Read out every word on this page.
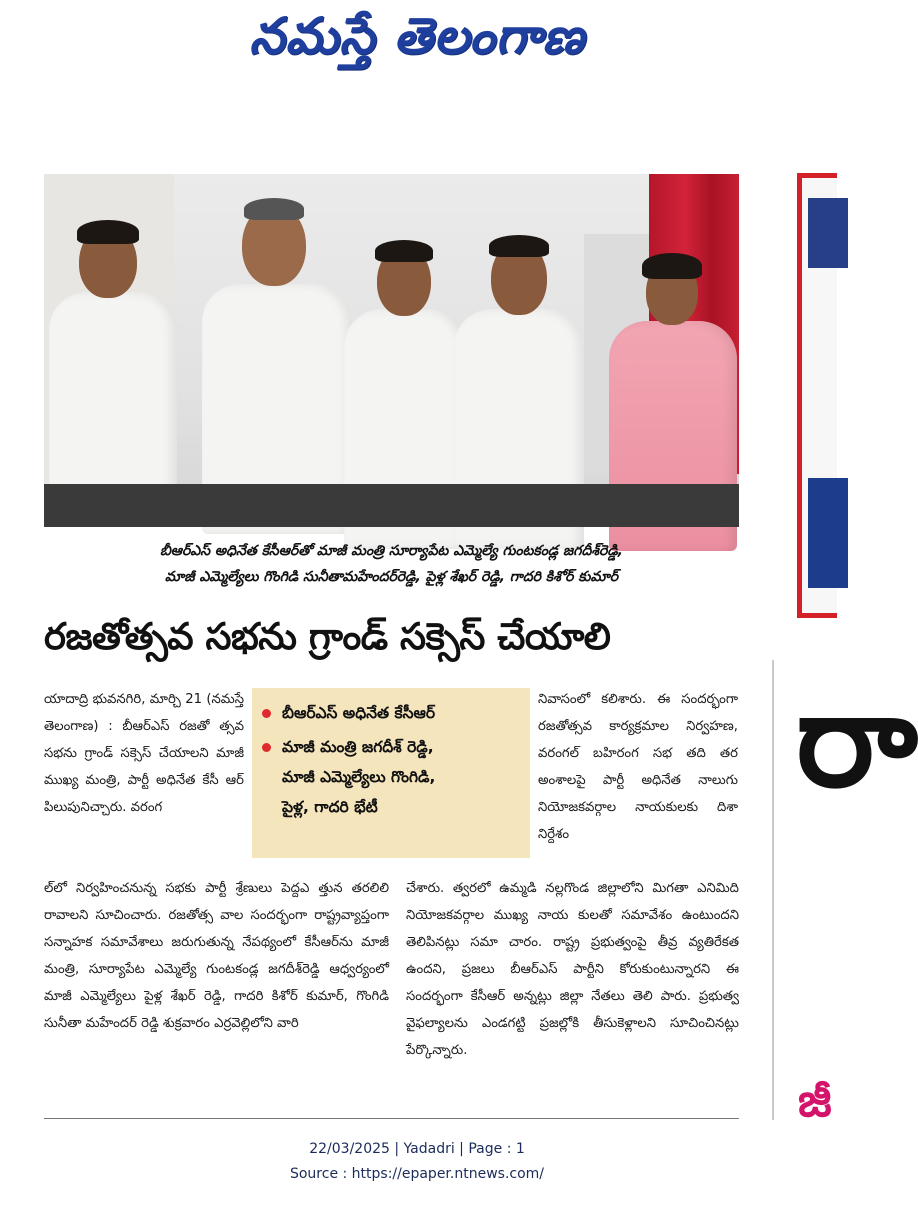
నమస్తే తెలంగాణ
బీఆర్ఎస్ అధినేత కేసీఆర్‌తో మాజీ మంత్రి సూర్యాపేట ఎమ్మెల్యే గుంటకండ్ల జగదీశ్‌రెడ్డి,
మాజీ ఎమ్మెల్యేలు గొంగిడి సునీతామహేందర్‌రెడ్డి, పైళ్ల శేఖర్ రెడ్డి, గాదరి కిశోర్ కుమార్
రజతోత్సవ సభను గ్రాండ్ సక్సెస్ చేయాలి
బీఆర్ఎస్ అధినేత కేసీఆర్
మాజీ మంత్రి జగదీశ్ రెడ్డి,
మాజీ ఎమ్మెల్యేలు గొంగిడి,
పైళ్ల, గాదరి భేటీ
యాదాద్రి భువనగిరి, మార్చి 21 (నమస్తే తెలంగాణ) : బీఆర్ఎస్ రజతో త్సవ సభను గ్రాండ్ సక్సెస్ చేయాలని మాజీ ముఖ్య మంత్రి, పార్టీ అధినేత కేసీ ఆర్ పిలుపునిచ్చారు. వరంగ
ల్‌లో నిర్వహించనున్న సభకు పార్టీ శ్రేణులు పెద్దఎ త్తున తరలిలి రావాలని సూచించారు. రజతోత్స వాల సందర్భంగా రాష్ట్రవ్యాప్తంగా సన్నాహక సమావేశాలు జరుగుతున్న నేపథ్యంలో కేసీఆర్‌ను మాజీ మంత్రి, సూర్యాపేట ఎమ్మెల్యే గుంటకండ్ల జగదీశ్‌రెడ్డి ఆధ్వర్యంలో మాజీ ఎమ్మెల్యేలు పైళ్ల శేఖర్ రెడ్డి, గాదరి కిశోర్ కుమార్, గొంగిడి సునీతా మహేందర్ రెడ్డి శుక్రవారం ఎర్రవెల్లిలోని వారి
నివాసంలో కలిశారు. ఈ సందర్భంగా రజతోత్సవ కార్యక్రమాల నిర్వహణ, వరంగల్ బహిరంగ సభ తది తర అంశాలపై పార్టీ అధినేత నాలుగు నియోజకవర్గాల నాయకులకు దిశా నిర్దేశం
చేశారు. త్వరలో ఉమ్మడి నల్లగొండ జిల్లాలోని మిగతా ఎనిమిది నియోజకవర్గాల ముఖ్య నాయ కులతో సమావేశం ఉంటుందని తెలిపినట్లు సమా చారం. రాష్ట్ర ప్రభుత్వంపై తీవ్ర వ్యతిరేకత ఉందని, ప్రజలు బీఆర్ఎస్ పార్టీని కోరుకుంటున్నారని ఈ సందర్భంగా కేసీఆర్ అన్నట్లు జిల్లా నేతలు తెలి పారు. ప్రభుత్వ వైఫల్యాలను ఎండగట్టి ప్రజల్లోకి తీసుకెళ్లాలని సూచించినట్లు పేర్కొన్నారు.
22/03/2025 | Yadadri | Page : 1
Source : https://epaper.ntnews.com/
రా
జీ
